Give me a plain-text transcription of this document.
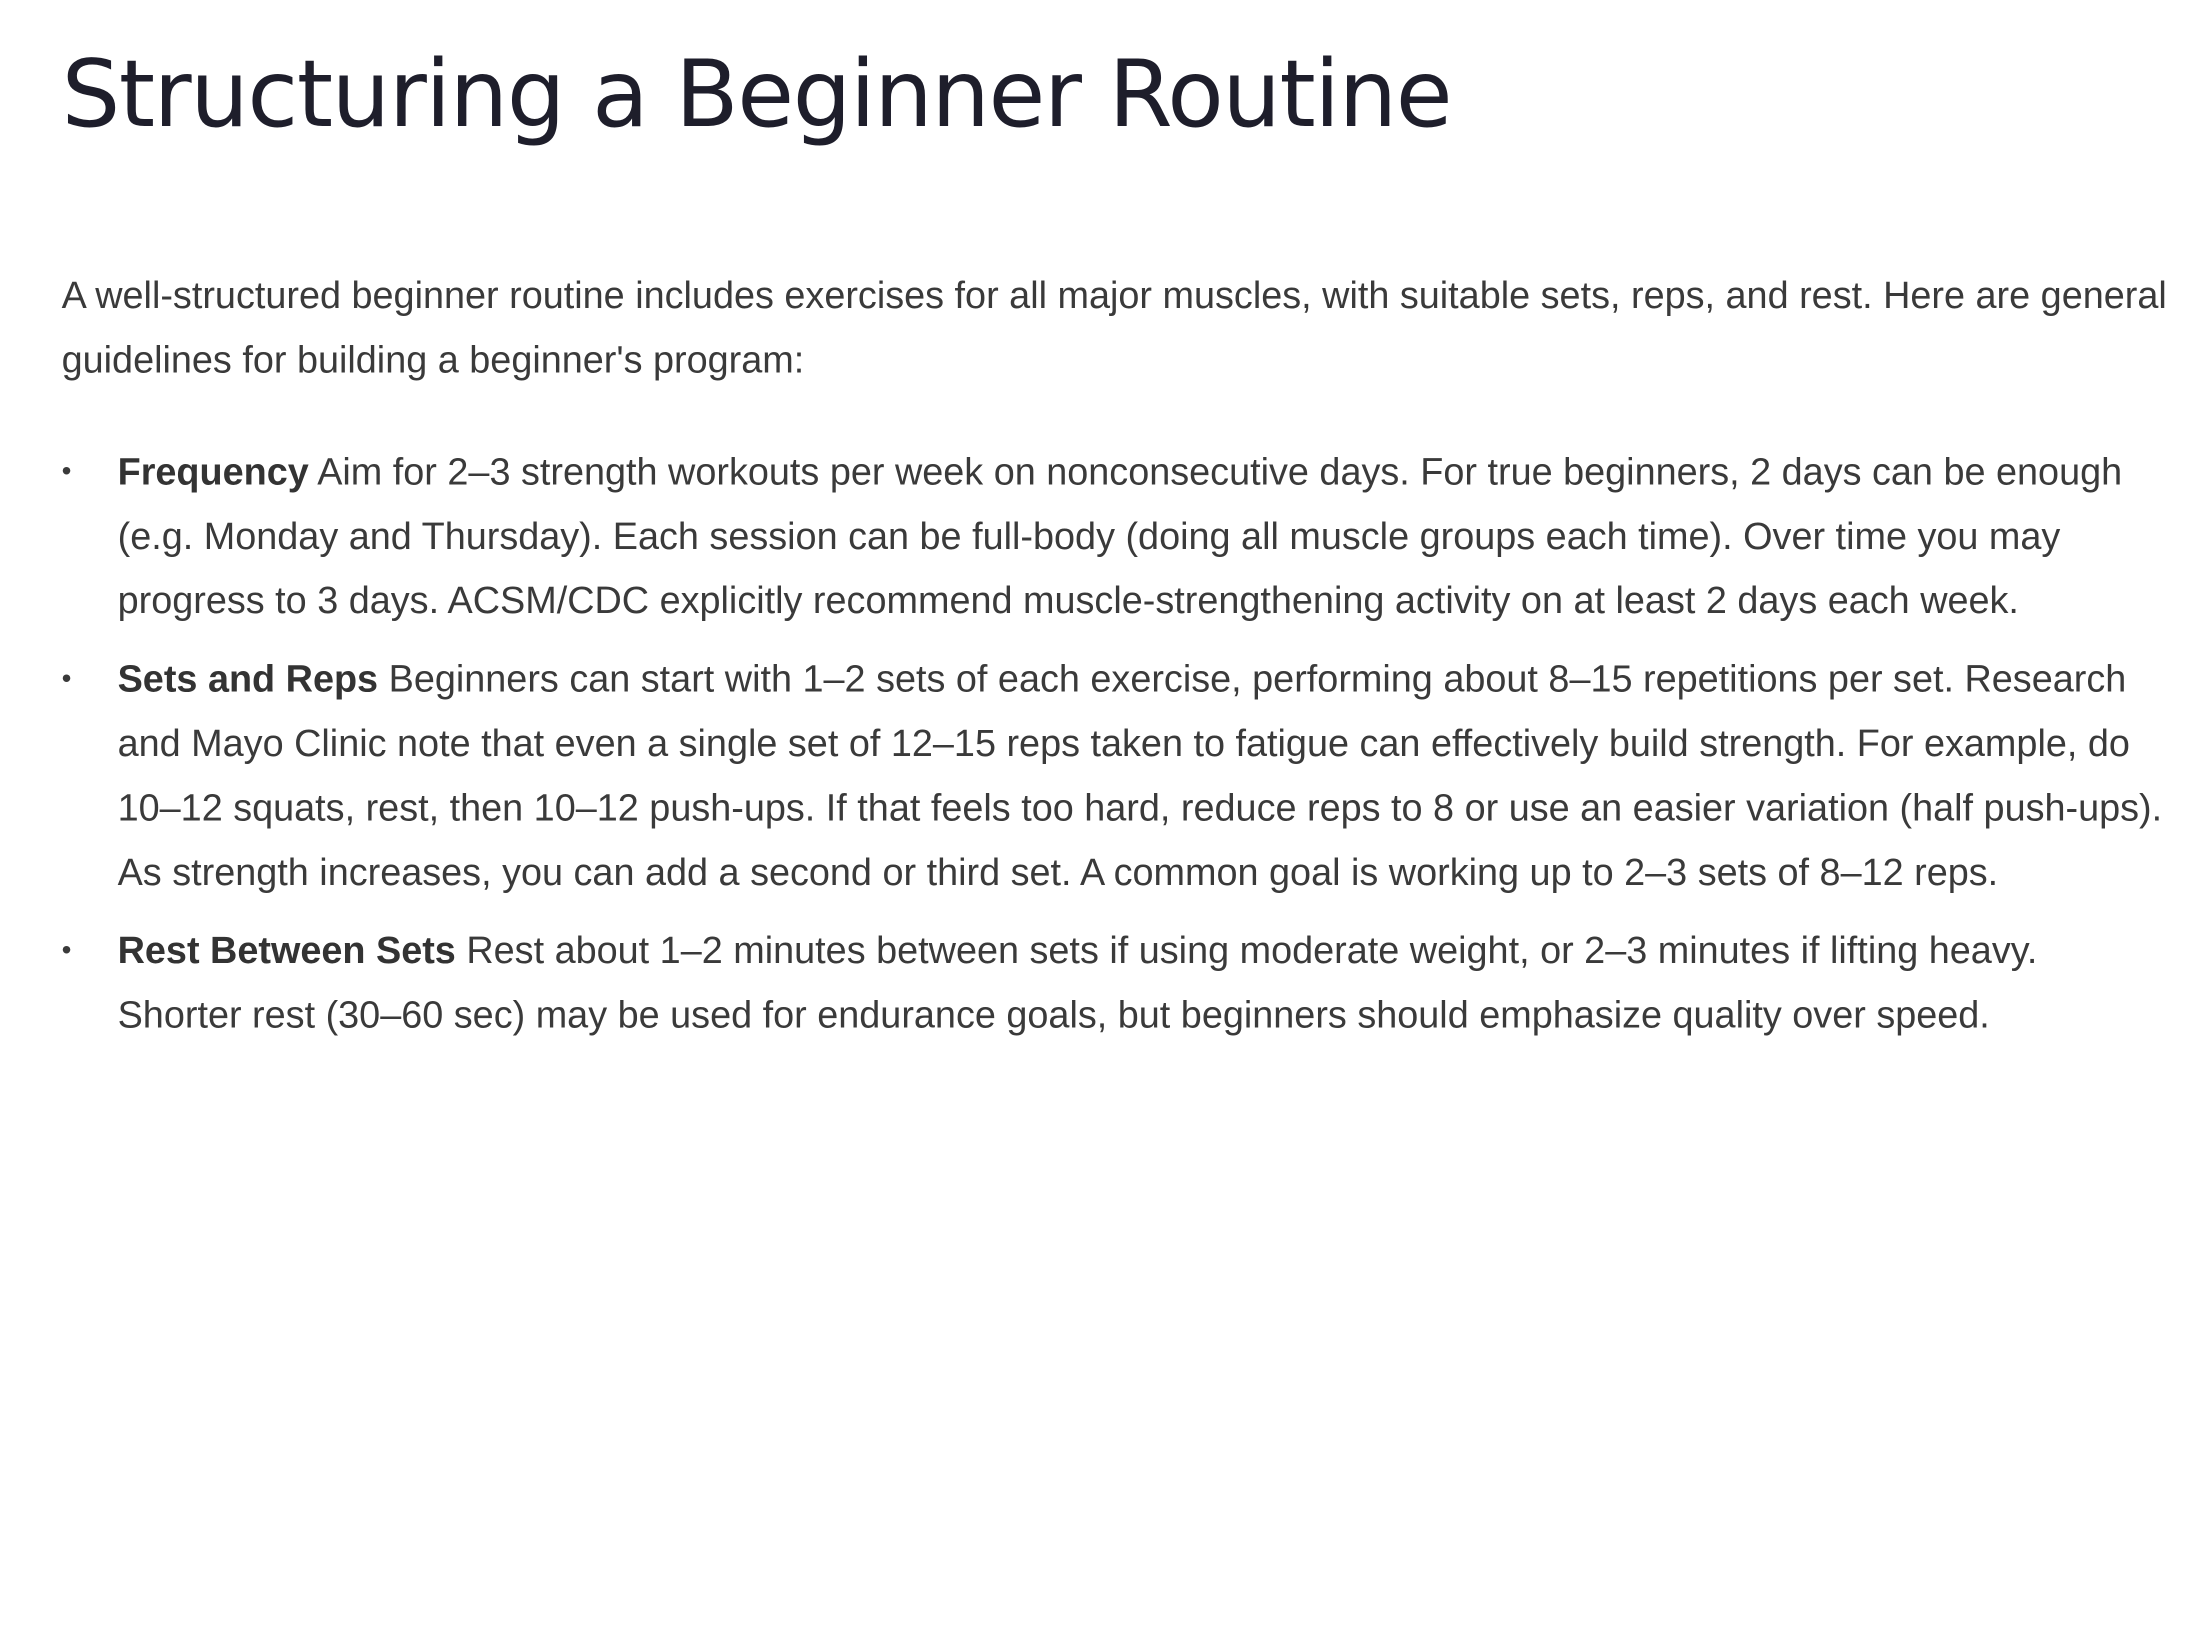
Structuring a Beginner Routine

A well-structured beginner routine includes exercises for all major muscles, with suitable sets, reps, and rest. Here are general guidelines for building a beginner's program:

• Frequency Aim for 2–3 strength workouts per week on nonconsecutive days. For true beginners, 2 days can be enough (e.g. Monday and Thursday). Each session can be full-body (doing all muscle groups each time). Over time you may progress to 3 days. ACSM/CDC explicitly recommend muscle-strengthening activity on at least 2 days each week.
• Sets and Reps Beginners can start with 1–2 sets of each exercise, performing about 8–15 repetitions per set. Research and Mayo Clinic note that even a single set of 12–15 reps taken to fatigue can effectively build strength. For example, do 10–12 squats, rest, then 10–12 push-ups. If that feels too hard, reduce reps to 8 or use an easier variation (half push-ups). As strength increases, you can add a second or third set. A common goal is working up to 2–3 sets of 8–12 reps.
• Rest Between Sets Rest about 1–2 minutes between sets if using moderate weight, or 2–3 minutes if lifting heavy. Shorter rest (30–60 sec) may be used for endurance goals, but beginners should emphasize quality over speed.
